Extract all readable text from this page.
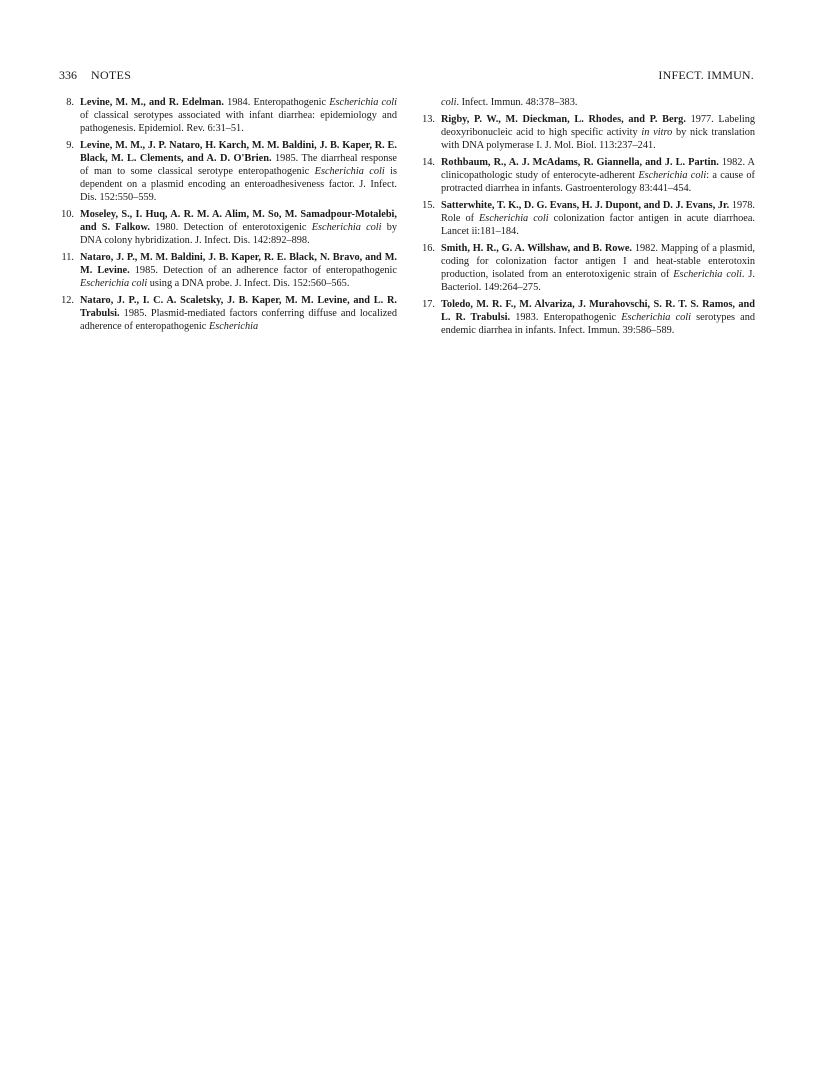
336 NOTES	INFECT. IMMUN.

8. Levine, M. M., and R. Edelman. 1984. Enteropathogenic Escherichia coli of classical serotypes associated with infant diarrhea: epidemiology and pathogenesis. Epidemiol. Rev. 6:31–51.

9. Levine, M. M., J. P. Nataro, H. Karch, M. M. Baldini, J. B. Kaper, R. E. Black, M. L. Clements, and A. D. O'Brien. 1985. The diarrheal response of man to some classical serotype enteropathogenic Escherichia coli is dependent on a plasmid encoding an enteroadhesiveness factor. J. Infect. Dis. 152:550–559.

10. Moseley, S., I. Huq, A. R. M. A. Alim, M. So, M. Samadpour-Motalebi, and S. Falkow. 1980. Detection of enterotoxigenic Escherichia coli by DNA colony hybridization. J. Infect. Dis. 142:892–898.

11. Nataro, J. P., M. M. Baldini, J. B. Kaper, R. E. Black, N. Bravo, and M. M. Levine. 1985. Detection of an adherence factor of enteropathogenic Escherichia coli using a DNA probe. J. Infect. Dis. 152:560–565.

12. Nataro, J. P., I. C. A. Scaletsky, J. B. Kaper, M. M. Levine, and L. R. Trabulsi. 1985. Plasmid-mediated factors conferring diffuse and localized adherence of enteropathogenic Escherichia

coli. Infect. Immun. 48:378–383.

13. Rigby, P. W., M. Dieckman, L. Rhodes, and P. Berg. 1977. Labeling deoxyribonucleic acid to high specific activity in vitro by nick translation with DNA polymerase I. J. Mol. Biol. 113:237–241.

14. Rothbaum, R., A. J. McAdams, R. Giannella, and J. L. Partin. 1982. A clinicopathologic study of enterocyte-adherent Escherichia coli: a cause of protracted diarrhea in infants. Gastroenterology 83:441–454.

15. Satterwhite, T. K., D. G. Evans, H. J. Dupont, and D. J. Evans, Jr. 1978. Role of Escherichia coli colonization factor antigen in acute diarrhoea. Lancet ii:181–184.

16. Smith, H. R., G. A. Willshaw, and B. Rowe. 1982. Mapping of a plasmid, coding for colonization factor antigen I and heat-stable enterotoxin production, isolated from an enterotoxigenic strain of Escherichia coli. J. Bacteriol. 149:264–275.

17. Toledo, M. R. F., M. Alvariza, J. Murahovschi, S. R. T. S. Ramos, and L. R. Trabulsi. 1983. Enteropathogenic Escherichia coli serotypes and endemic diarrhea in infants. Infect. Immun. 39:586–589.
